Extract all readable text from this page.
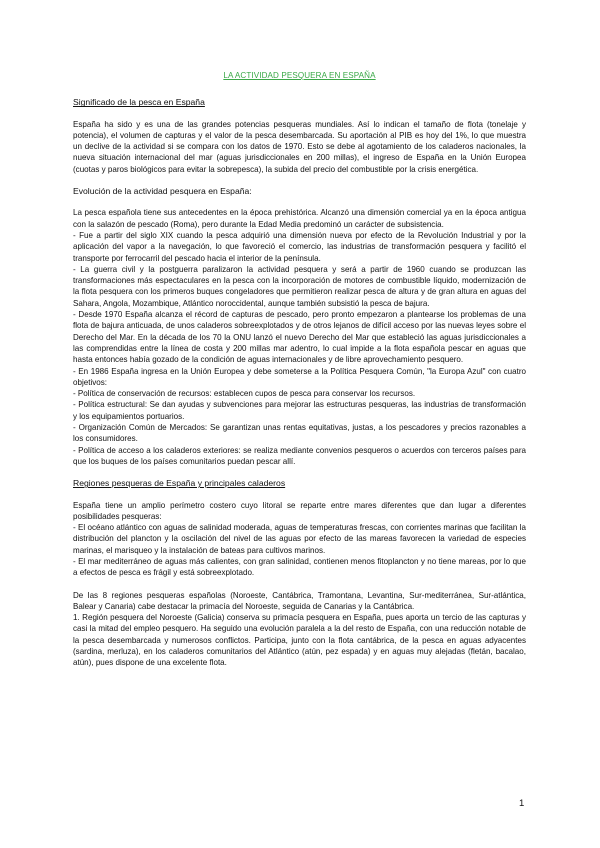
LA ACTIVIDAD PESQUERA EN ESPAÑA
Significado de la pesca en España

España ha sido y es una de las grandes potencias pesqueras mundiales. Así lo indican el tamaño de flota (tonelaje y potencia), el volumen de capturas y el valor de la pesca desembarcada. Su aportación al PIB es hoy del 1%, lo que muestra un declive de la actividad si se compara con los datos de 1970. Esto se debe al agotamiento de los caladeros nacionales, la nueva situación internacional del mar (aguas jurisdiccionales en 200 millas), el ingreso de España en la Unión Europea (cuotas y paros biológicos para evitar la sobrepesca), la subida del precio del combustible por la crisis energética.

Evolución de la actividad pesquera en España:

La pesca española tiene sus antecedentes en la época prehistórica. Alcanzó una dimensión comercial ya en la época antigua con la salazón de pescado (Roma), pero durante la Edad Media predominó un carácter de subsistencia.

- Fue a partir del siglo XIX cuando la pesca adquirió una dimensión nueva por efecto de la Revolución Industrial y por la aplicación del vapor a la navegación, lo que favoreció el comercio, las industrias de transformación pesquera y facilitó el transporte por ferrocarril del pescado hacia el interior de la península.

- La guerra civil y la postguerra paralizaron la actividad pesquera y será a partir de 1960 cuando se produzcan las transformaciones más espectaculares en la pesca con la incorporación de motores de combustible líquido, modernización de la flota pesquera con los primeros buques congeladores que permitieron realizar pesca de altura y de gran altura en aguas del Sahara, Angola, Mozambique, Atlántico noroccidental, aunque también subsistió la pesca de bajura.

- Desde 1970 España alcanza el récord de capturas de pescado, pero pronto empezaron a plantearse los problemas de una flota de bajura anticuada, de unos caladeros sobreexplotados y de otros lejanos de difícil acceso por las nuevas leyes sobre el Derecho del Mar. En la década de los 70 la ONU lanzó el nuevo Derecho del Mar que estableció las aguas jurisdiccionales a las comprendidas entre la línea de costa y 200 millas mar adentro, lo cual impide a la flota española pescar en aguas que hasta entonces había gozado de la condición de aguas internacionales y de libre aprovechamiento pesquero.

- En 1986 España ingresa en la Unión Europea y debe someterse a la Política Pesquera Común, "la Europa Azul" con cuatro objetivos:

- Política de conservación de recursos: establecen cupos de pesca para conservar los recursos.

- Política estructural: Se dan ayudas y subvenciones para mejorar las estructuras pesqueras, las industrias de transformación y los equipamientos portuarios.

- Organización Común de Mercados: Se garantizan unas rentas equitativas, justas, a los pescadores y precios razonables a los consumidores.

- Política de acceso a los caladeros exteriores: se realiza mediante convenios pesqueros o acuerdos con terceros países para que los buques de los países comunitarios puedan pescar allí.

Regiones pesqueras de España y principales caladeros

España tiene un amplio perímetro costero cuyo litoral se reparte entre mares diferentes que dan lugar a diferentes posibilidades pesqueras:

- El océano atlántico con aguas de salinidad moderada, aguas de temperaturas frescas, con corrientes marinas que facilitan la distribución del plancton y la oscilación del nivel de las aguas por efecto de las mareas favorecen la variedad de especies marinas, el marisqueo y la instalación de bateas para cultivos marinos.

- El mar mediterráneo de aguas más calientes, con gran salinidad, contienen menos fitoplancton y no tiene mareas, por lo que a efectos de pesca es frágil y está sobreexplotado.

De las 8 regiones pesqueras españolas (Noroeste, Cantábrica, Tramontana, Levantina, Sur-mediterránea, Sur-atlántica, Balear y Canaria) cabe destacar la primacía del Noroeste, seguida de Canarias y la Cantábrica.

1. Región pesquera del Noroeste (Galicia) conserva su primacía pesquera en España, pues aporta un tercio de las capturas y casi la mitad del empleo pesquero. Ha seguido una evolución paralela a la del resto de España, con una reducción notable de la pesca desembarcada y numerosos conflictos. Participa, junto con la flota cantábrica, de la pesca en aguas adyacentes (sardina, merluza), en los caladeros comunitarios del Atlántico (atún, pez espada) y en aguas muy alejadas (fletán, bacalao, atún), pues dispone de una excelente flota.

1
